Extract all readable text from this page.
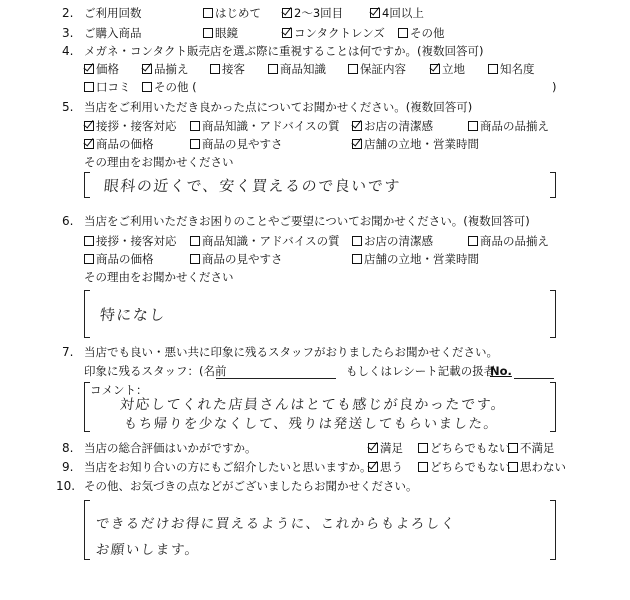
2. ご利用回数	はじめて	2～3回目	4回以上
3. ご購入商品	眼鏡	コンタクトレンズ	その他
4. メガネ・コンタクト販売店を選ぶ際に重視することは何ですか。(複数回答可)
価格	品揃え	接客	商品知識	保証内容	立地	知名度
口コミ	その他 (	)
5. 当店をご利用いただき良かった点についてお聞かせください。(複数回答可)
接拶・接客対応	商品知識・アドバイスの質	お店の清潔感	商品の品揃え
商品の価格	商品の見やすさ	店舗の立地・営業時間
その理由をお聞かせください
眼科の近くで、安く買えるので良いです
6. 当店をご利用いただきお困りのことやご要望についてお聞かせください。(複数回答可)
接拶・接客対応	商品知識・アドバイスの質	お店の清潔感	商品の品揃え
商品の価格	商品の見やすさ	店舗の立地・営業時間
その理由をお聞かせください
特になし
7. 当店でも良い・悪い共に印象に残るスタッフがおりましたらお聞かせください。
印象に残るスタッフ：(名前	もしくはレシート記載の扱者
No.
コメント：
対応してくれた店員さんはとても感じが良かったです。
もち帰りを少なくして、残りは発送してもらいました。
8. 当店の総合評価はいかがですか。	満足	どちらでもない 不満足
9. 当店をお知り合いの方にもご紹介したいと思いますか。 思う	どちらでもない 思わない
10. その他、お気づきの点などがございましたらお聞かせください。
できるだけお得に買えるように、これからもよろしく
お願いします。
